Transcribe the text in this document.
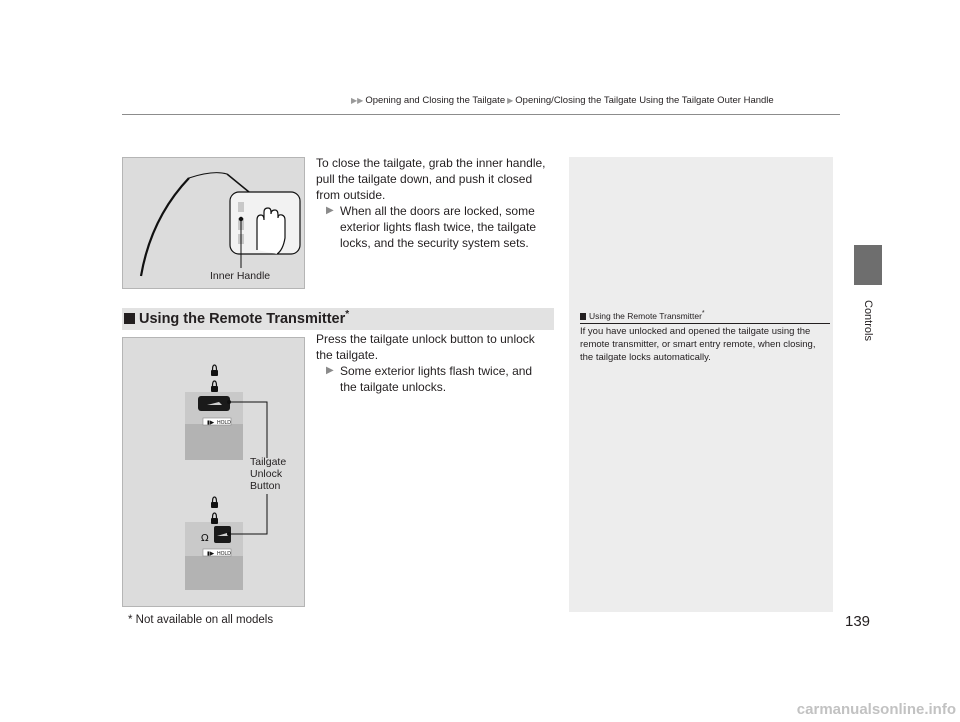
▶▶ Opening and Closing the Tailgate ▶ Opening/Closing the Tailgate Using the Tailgate Outer Handle
Controls
Inner Handle
To close the tailgate, grab the inner handle, pull the tailgate down, and push it closed from outside.
▶ When all the doors are locked, some exterior lights flash twice, the tailgate locks, and the security system sets.
Using the Remote Transmitter*
▮▶ HOLD
Ω
▮▶ HOLD
Tailgate
Unlock
Button
Press the tailgate unlock button to unlock the tailgate.
▶ Some exterior lights flash twice, and the tailgate unlocks.
Using the Remote Transmitter*
If you have unlocked and opened the tailgate using the remote transmitter, or smart entry remote, when closing, the tailgate locks automatically.
* Not available on all models	139
carmanualsonline.info
